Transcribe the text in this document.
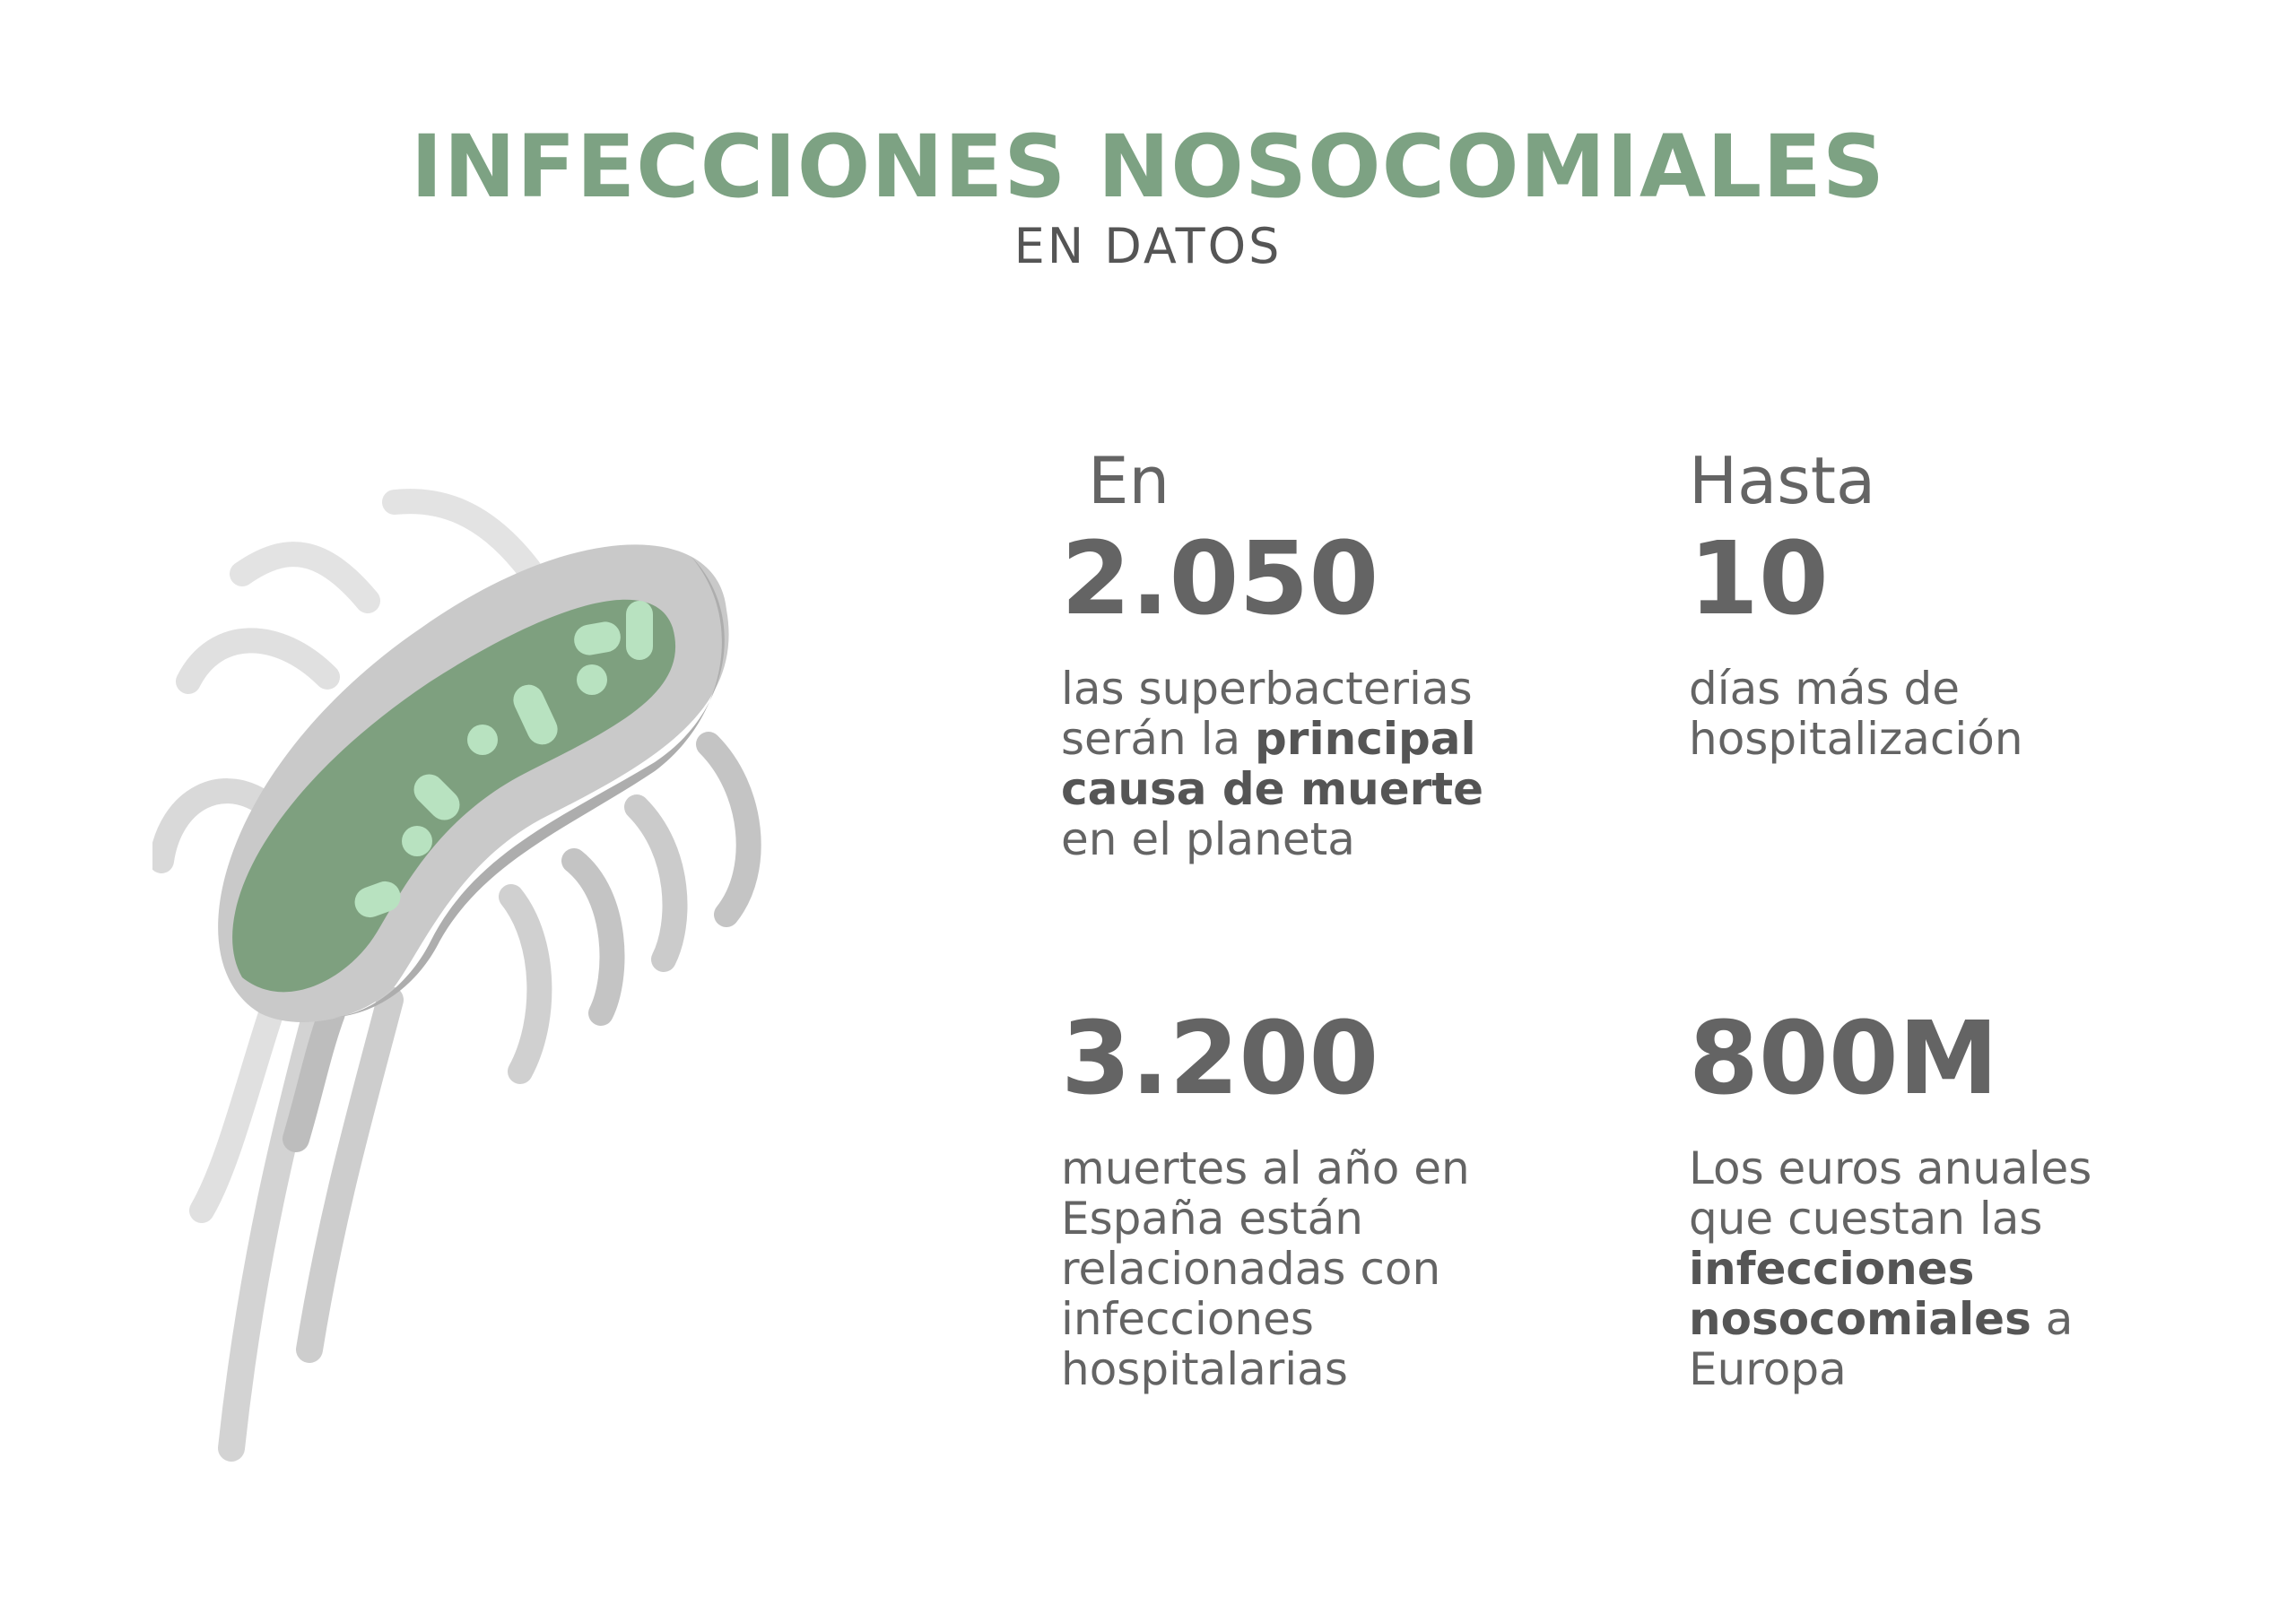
INFECCIONES NOSOCOMIALES
EN DATOS
En
2.050
las superbacterias
serán la principal
causa de muerte
en el planeta
Hasta
10
días más de
hospitalización
3.200
muertes al año en
España están
relacionadas con
infecciones
hospitalarias
800M
Los euros anuales
que cuestan las
infecciones
nosocomiales a
Europa
